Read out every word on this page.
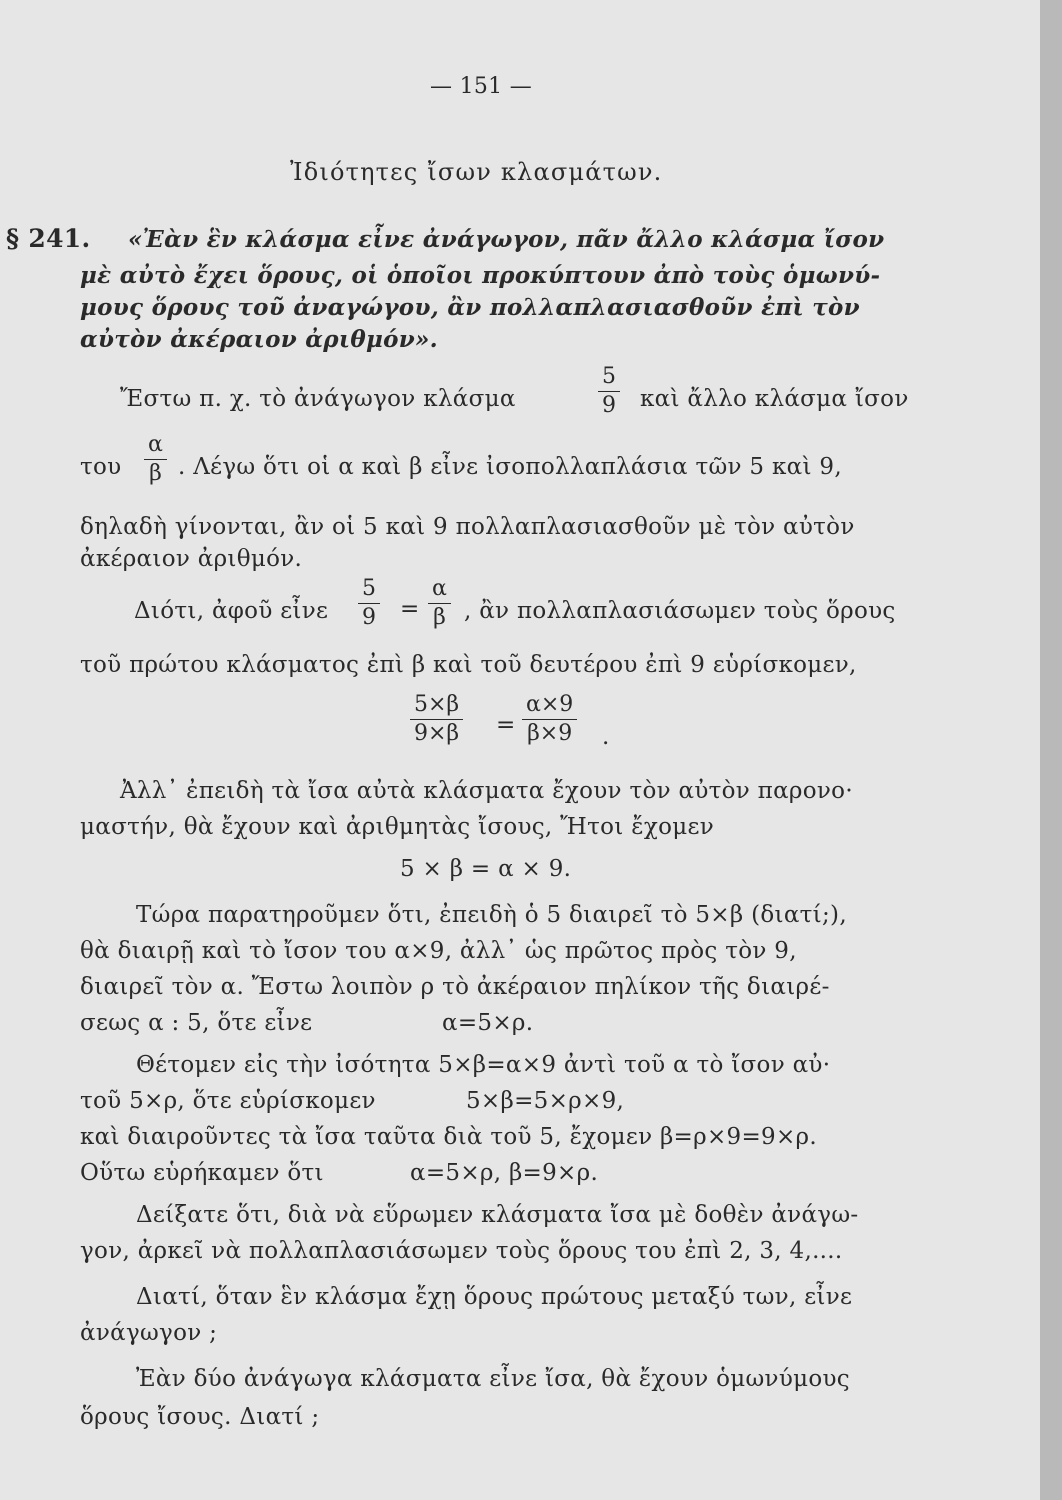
— 151 —
Ἰδιότητες ἴσων κλασμάτων.
§ 241. «Ἐὰν ἓν κλάσμα εἶνε ἀνάγωγον, πᾶν ἄλλο κλάσμα ἴσον
μὲ αὐτὸ ἔχει ὅρους, οἱ ὁποῖοι προκύπτουν ἀπὸ τοὺς ὁμωνύ-
μους ὅρους τοῦ ἀναγώγου, ἂν πολλαπλασιασθοῦν ἐπὶ τὸν
αὐτὸν ἀκέραιον ἀριθμόν».
Ἔστω π. χ. τὸ ἀνάγωγον κλάσμα	$\frac{5}{9}$ καὶ ἄλλο κλάσμα ἴσον
του $\frac{\alpha}{\beta}$ . Λέγω ὅτι οἱ α καὶ β εἶνε ἰσοπολλαπλάσια τῶν 5 καὶ 9,
δηλαδὴ γίνονται, ἂν οἱ 5 καὶ 9 πολλαπλασιασθοῦν μὲ τὸν αὐτὸν
ἀκέραιον ἀριθμόν.
Διότι, ἀφοῦ εἶνε $\frac{5}{9} = \frac{\alpha}{\beta}$ , ἂν πολλαπλασιάσωμεν τοὺς ὅρους
τοῦ πρώτου κλάσματος ἐπὶ β καὶ τοῦ δευτέρου ἐπὶ 9 εὑρίσκομεν,
$\frac{5\times\beta}{9\times\beta} = \frac{\alpha\times 9}{\beta\times 9}$ .
Ἀλλ᾽ ἐπειδὴ τὰ ἴσα αὐτὰ κλάσματα ἔχουν τὸν αὐτὸν παρονο·
μαστήν, θὰ ἔχουν καὶ ἀριθμητὰς ἴσους, Ἤτοι ἔχομεν
5 × β = α × 9.
Τώρα παρατηροῦμεν ὅτι, ἐπειδὴ ὁ 5 διαιρεῖ τὸ 5×β (διατί;),
θὰ διαιρῇ καὶ τὸ ἴσον του α×9, ἀλλ᾽ ὡς πρῶτος πρὸς τὸν 9,
διαιρεῖ τὸν α. Ἔστω λοιπὸν ρ τὸ ἀκέραιον πηλίκον τῆς διαιρέ-
σεως α : 5, ὅτε εἶνε	α=5×ρ.
Θέτομεν εἰς τὴν ἰσότητα 5×β=α×9 ἀντὶ τοῦ α τὸ ἴσον αὐ·
τοῦ 5×ρ, ὅτε εὑρίσκομεν	5×β=5×ρ×9,
καὶ διαιροῦντες τὰ ἴσα ταῦτα διὰ τοῦ 5, ἔχομεν β=ρ×9=9×ρ.
Οὕτω εὑρήκαμεν ὅτι	α=5×ρ, β=9×ρ.
Δείξατε ὅτι, διὰ νὰ εὕρωμεν κλάσματα ἴσα μὲ δοθὲν ἀνάγω-
γον, ἀρκεῖ νὰ πολλαπλασιάσωμεν τοὺς ὅρους του ἐπὶ 2, 3, 4,....
Διατί, ὅταν ἓν κλάσμα ἔχῃ ὅρους πρώτους μεταξύ των, εἶνε
ἀνάγωγον ;
Ἐὰν δύο ἀνάγωγα κλάσματα εἶνε ἴσα, θὰ ἔχουν ὁμωνύμους
ὅρους ἴσους. Διατί ;
